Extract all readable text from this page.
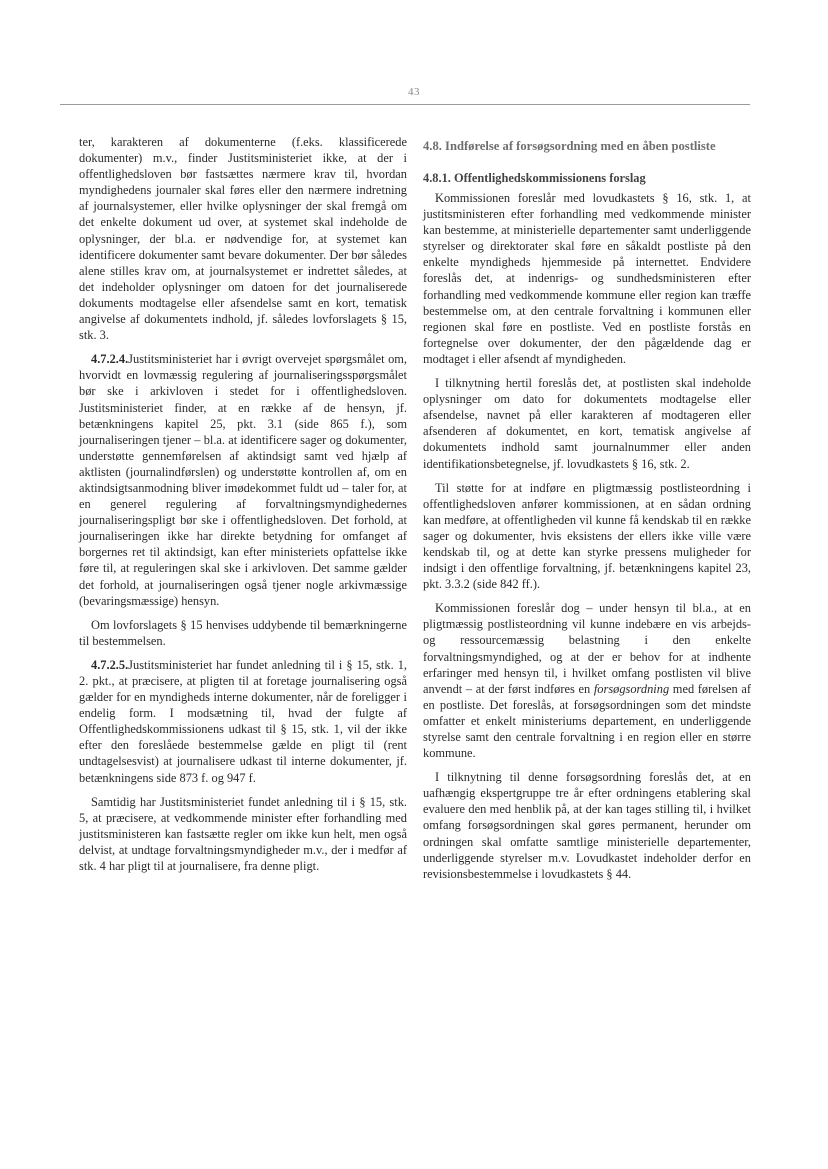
43

ter, karakteren af dokumenterne (f.eks. klassificerede dokumenter) m.v., finder Justitsministeriet ikke, at der i offentlighedsloven bør fastsættes nærmere krav til, hvordan myndighedens journaler skal føres eller den nærmere indretning af journalsystemer, eller hvilke oplysninger der skal fremgå om det enkelte dokument ud over, at systemet skal indeholde de oplysninger, der bl.a. er nødvendige for, at systemet kan identificere dokumenter samt bevare dokumenter. Der bør således alene stilles krav om, at journalsystemet er indrettet således, at det indeholder oplysninger om datoen for det journaliserede dokuments modtagelse eller afsendelse samt en kort, tematisk angivelse af dokumentets indhold, jf. således lovforslagets § 15, stk. 3.

4.7.2.4.Justitsministeriet har i øvrigt overvejet spørgsmålet om, hvorvidt en lovmæssig regulering af journaliseringsspørgsmålet bør ske i arkivloven i stedet for i offentlighedsloven. Justitsministeriet finder, at en række af de hensyn, jf. betænkningens kapitel 25, pkt. 3.1 (side 865 f.), som journaliseringen tjener – bl.a. at identificere sager og dokumenter, understøtte gennemførelsen af aktindsigt samt ved hjælp af aktlisten (journalindførslen) og understøtte kontrollen af, om en aktindsigtsanmodning bliver imødekommet fuldt ud – taler for, at en generel regulering af forvaltningsmyndighedernes journaliseringspligt bør ske i offentlighedsloven. Det forhold, at journaliseringen ikke har direkte betydning for omfanget af borgernes ret til aktindsigt, kan efter ministeriets opfattelse ikke føre til, at reguleringen skal ske i arkivloven. Det samme gælder det forhold, at journaliseringen også tjener nogle arkivmæssige (bevaringsmæssige) hensyn.

Om lovforslagets § 15 henvises uddybende til bemærkningerne til bestemmelsen.

4.7.2.5.Justitsministeriet har fundet anledning til i § 15, stk. 1, 2. pkt., at præcisere, at pligten til at foretage journalisering også gælder for en myndigheds interne dokumenter, når de foreligger i endelig form. I modsætning til, hvad der fulgte af Offentlighedskommissionens udkast til § 15, stk. 1, vil der ikke efter den foreslåede bestemmelse gælde en pligt til (rent undtagelsesvist) at journalisere udkast til interne dokumenter, jf. betænkningens side 873 f. og 947 f.

Samtidig har Justitsministeriet fundet anledning til i § 15, stk. 5, at præcisere, at vedkommende minister efter forhandling med justitsministeren kan fastsætte regler om ikke kun helt, men også delvist, at undtage forvaltningsmyndigheder m.v., der i medfør af stk. 4 har pligt til at journalisere, fra denne pligt.

4.8. Indførelse af forsøgsordning med en åben postliste
4.8.1. Offentlighedskommissionens forslag

Kommissionen foreslår med lovudkastets § 16, stk. 1, at justitsministeren efter forhandling med vedkommende minister kan bestemme, at ministerielle departementer samt underliggende styrelser og direktorater skal føre en såkaldt postliste på den enkelte myndigheds hjemmeside på internettet. Endvidere foreslås det, at indenrigs- og sundhedsministeren efter forhandling med vedkommende kommune eller region kan træffe bestemmelse om, at den centrale forvaltning i kommunen eller regionen skal føre en postliste. Ved en postliste forstås en fortegnelse over dokumenter, der den pågældende dag er modtaget i eller afsendt af myndigheden.

I tilknytning hertil foreslås det, at postlisten skal indeholde oplysninger om dato for dokumentets modtagelse eller afsendelse, navnet på eller karakteren af modtageren eller afsenderen af dokumentet, en kort, tematisk angivelse af dokumentets indhold samt journalnummer eller anden identifikationsbetegnelse, jf. lovudkastets § 16, stk. 2.

Til støtte for at indføre en pligtmæssig postlisteordning i offentlighedsloven anfører kommissionen, at en sådan ordning kan medføre, at offentligheden vil kunne få kendskab til en række sager og dokumenter, hvis eksistens der ellers ikke ville være kendskab til, og at dette kan styrke pressens muligheder for indsigt i den offentlige forvaltning, jf. betænkningens kapitel 23, pkt. 3.3.2 (side 842 ff.).

Kommissionen foreslår dog – under hensyn til bl.a., at en pligtmæssig postlisteordning vil kunne indebære en vis arbejds- og ressourcemæssig belastning i den enkelte forvaltningsmyndighed, og at der er behov for at indhente erfaringer med hensyn til, i hvilket omfang postlisten vil blive anvendt – at der først indføres en forsøgsordning med førelsen af en postliste. Det foreslås, at forsøgsordningen som det mindste omfatter et enkelt ministeriums departement, en underliggende styrelse samt den centrale forvaltning i en region eller en større kommune.

I tilknytning til denne forsøgsordning foreslås det, at en uafhængig ekspertgruppe tre år efter ordningens etablering skal evaluere den med henblik på, at der kan tages stilling til, i hvilket omfang forsøgsordningen skal gøres permanent, herunder om ordningen skal omfatte samtlige ministerielle departementer, underliggende styrelser m.v. Lovudkastet indeholder derfor en revisionsbestemmelse i lovudkastets § 44.
